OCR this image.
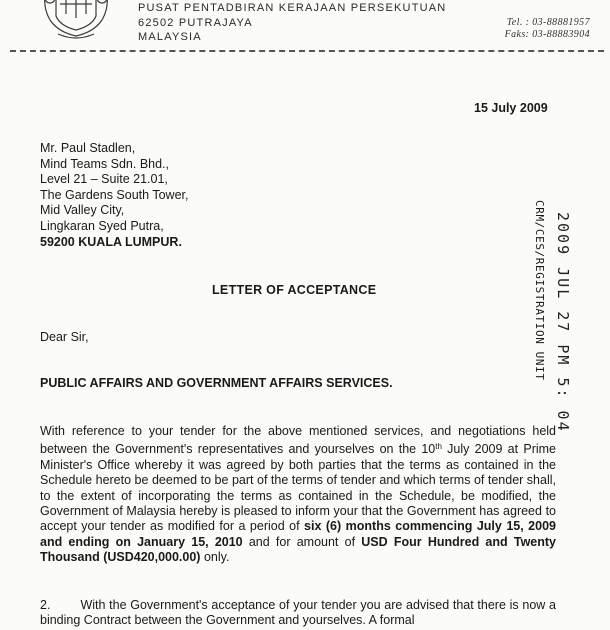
PUSAT PENTADBIRAN KERAJAAN PERSEKUTUAN
62502 PUTRAJAYA
MALAYSIA
Tel. : 03-88881957
Faks: 03-88883904
15 July 2009
Mr. Paul Stadlen,
Mind Teams Sdn. Bhd.,
Level 21 – Suite 21.01,
The Gardens South Tower,
Mid Valley City,
Lingkaran Syed Putra,
59200 KUALA LUMPUR.	2009 JUL 27 PM 5: 04
CRM/CES/REGISTRATION UNIT
LETTER OF ACCEPTANCE
Dear Sir,
PUBLIC AFFAIRS AND GOVERNMENT AFFAIRS SERVICES.
With reference to your tender for the above mentioned services, and negotiations held between the Government's representatives and yourselves on the 10th July 2009 at Prime Minister's Office whereby it was agreed by both parties that the terms as contained in the Schedule hereto be deemed to be part of the terms of tender and which terms of tender shall, to the extent of incorporating the terms as contained in the Schedule, be modified, the Government of Malaysia hereby is pleased to inform your that the Government has agreed to accept your tender as modified for a period of six (6) months commencing July 15, 2009 and ending on January 15, 2010 and for amount of USD Four Hundred and Twenty Thousand (USD420,000.00) only.
2. With the Government's acceptance of your tender you are advised that there is now a binding Contract between the Government and yourselves. A formal
